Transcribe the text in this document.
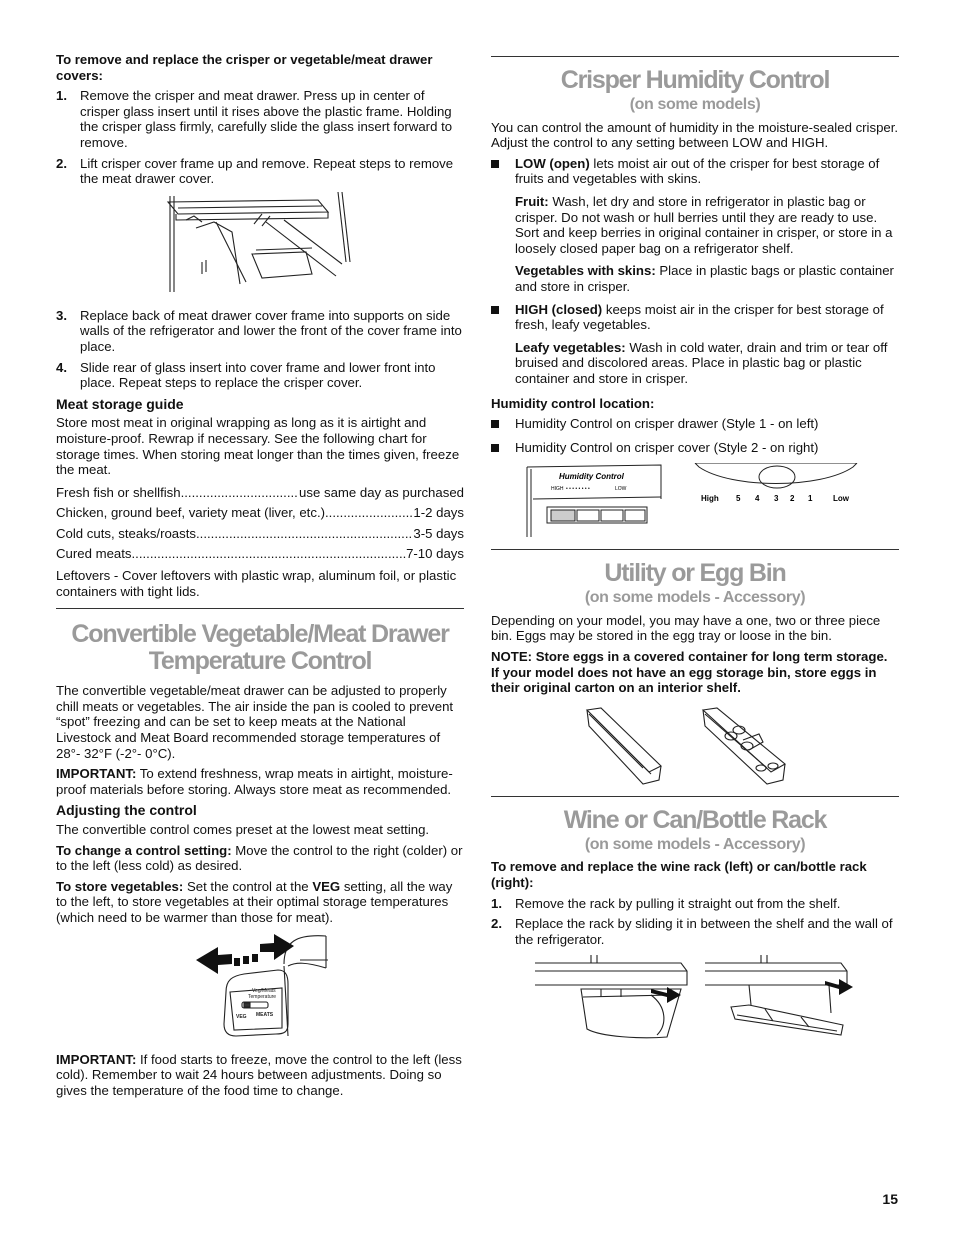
To remove and replace the crisper or vegetable/meat drawer covers:

1. Remove the crisper and meat drawer. Press up in center of crisper glass insert until it rises above the plastic frame. Holding the crisper glass firmly, carefully slide the glass insert forward to remove.
2. Lift crisper cover frame up and remove. Repeat steps to remove the meat drawer cover.
3. Replace back of meat drawer cover frame into supports on side walls of the refrigerator and lower the front of the cover frame into place.
4. Slide rear of glass insert into cover frame and lower front into place. Repeat steps to replace the crisper cover.
Meat storage guide

Store most meat in original wrapping as long as it is airtight and moisture-proof. Rewrap if necessary. See the following chart for storage times. When storing meat longer than the times given, freeze the meat.

Fresh fish or shellfish .....	use same day as purchased
Chicken, ground beef, variety meat (liver, etc.) .....	1-2 days
Cold cuts, steaks/roasts .....	3-5 days
Cured meats .....	7-10 days

Leftovers - Cover leftovers with plastic wrap, aluminum foil, or plastic containers with tight lids.

Convertible Vegetable/Meat Drawer Temperature Control

The convertible vegetable/meat drawer can be adjusted to properly chill meats or vegetables. The air inside the pan is cooled to prevent “spot” freezing and can be set to keep meats at the National Livestock and Meat Board recommended storage temperatures of 28°- 32°F (-2°- 0°C).

IMPORTANT: To extend freshness, wrap meats in airtight, moisture-proof materials before storing. Always store meat as recommended.

Adjusting the control

The convertible control comes preset at the lowest meat setting.

To change a control setting: Move the control to the right (colder) or to the left (less cold) as desired.

To store vegetables: Set the control at the VEG setting, all the way to the left, to store vegetables at their optimal storage temperatures (which need to be warmer than those for meat).

Veg/Meats
Temperature
VEG MEATS

IMPORTANT: If food starts to freeze, move the control to the left (less cold). Remember to wait 24 hours between adjustments. Doing so gives the temperature of the food time to change.

Crisper Humidity Control
(on some models)

You can control the amount of humidity in the moisture-sealed crisper. Adjust the control to any setting between LOW and HIGH.

LOW (open) lets moist air out of the crisper for best storage of fruits and vegetables with skins.

Fruit: Wash, let dry and store in refrigerator in plastic bag or crisper. Do not wash or hull berries until they are ready to use. Sort and keep berries in original container in crisper, or store in a loosely closed paper bag on a refrigerator shelf.

Vegetables with skins: Place in plastic bags or plastic container and store in crisper.

HIGH (closed) keeps moist air in the crisper for best storage of fresh, leafy vegetables.

Leafy vegetables: Wash in cold water, drain and trim or tear off bruised and discolored areas. Place in plastic bag or plastic container and store in crisper.

Humidity control location:

Humidity Control on crisper drawer (Style 1 - on left)
Humidity Control on crisper cover (Style 2 - on right)
Humidity Control
HIGH • • • • • • • •	LOW
High 5 4 3 2 1	Low
Utility or Egg Bin
(on some models - Accessory)

Depending on your model, you may have a one, two or three piece bin. Eggs may be stored in the egg tray or loose in the bin.

NOTE: Store eggs in a covered container for long term storage. If your model does not have an egg storage bin, store eggs in their original carton on an interior shelf.

Wine or Can/Bottle Rack
(on some models - Accessory)

To remove and replace the wine rack (left) or can/bottle rack (right):

1. Remove the rack by pulling it straight out from the shelf.
2. Replace the rack by sliding it in between the shelf and the wall of the refrigerator.
15
